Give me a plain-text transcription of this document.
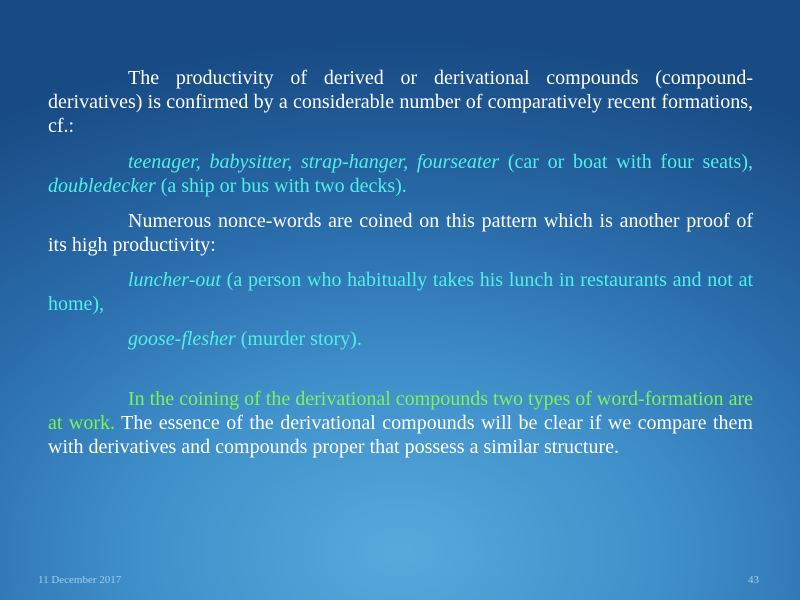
The productivity of derived or derivational compounds (compound-derivatives) is confirmed by a considerable number of comparatively recent formations, cf.:

teenager, babysitter, strap-hanger, fourseater (car or boat with four seats), doubledecker (a ship or bus with two decks).

Numerous nonce-words are coined on this pattern which is another proof of its high productivity:

luncher-out (a person who habitually takes his lunch in restaurants and not at home),

goose-flesher (murder story).

In the coining of the derivational compounds two types of word-formation are at work. The essence of the derivational compounds will be clear if we compare them with derivatives and compounds proper that possess a similar structure.

11 December 2017	43
